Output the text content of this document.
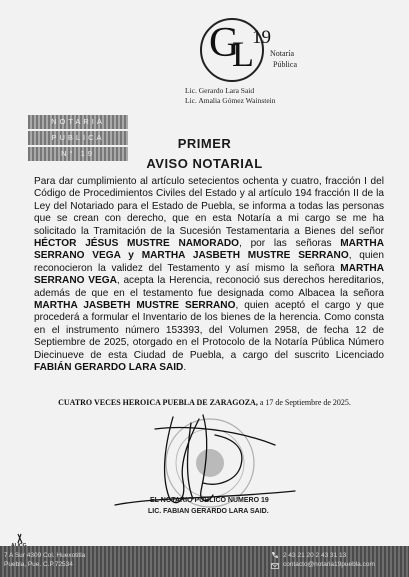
G
L
19
Notaría
Pública
Lic. Gerardo Lara Said
Lic. Amalia Gómez Wainstein
NOTARIA
PUBLICA
N° 19
PRIMER
AVISO NOTARIAL
Para dar cumplimiento al artículo setecientos ochenta y cuatro, fracción I del Código de Procedimientos Civiles del Estado y al artículo 194 fracción II de la Ley del Notariado para el Estado de Puebla, se informa a todas las personas que se crean con derecho, que en esta Notaría a mi cargo se me ha solicitado la Tramitación de la Sucesión Testamentaria a Bienes del señor HÉCTOR JÉSUS MUSTRE NAMORADO, por las señoras MARTHA SERRANO VEGA y MARTHA JASBETH MUSTRE SERRANO, quien reconocieron la validez del Testamento y así mismo la señora MARTHA SERRANO VEGA, acepta la Herencia, reconoció sus derechos hereditarios, además de que en el testamento fue designada como Albacea la señora MARTHA JASBETH MUSTRE SERRANO, quien aceptó el cargo y que procederá a formular el Inventario de los bienes de la herencia. Como consta en el instrumento número 153393, del Volumen 2958, de fecha 12 de Septiembre de 2025, otorgado en el Protocolo de la Notaría Pública Número Diecinueve de esta Ciudad de Puebla, a cargo del suscrito Licenciado FABIÁN GERARDO LARA SAID.
CUATRO VECES HEROICA PUEBLA DE ZARAGOZA, a 17 de Septiembre de 2025.
EL NOTARIO PUBLICO NUMERO 19
LIC. FABIAN GERARDO LARA SAID.
7 A Sur 4309 Col. Huexotitla
Puebla, Pue. C.P.72534
2 43 21 20 2 43 31 13
contacto@notaria19puebla.com
